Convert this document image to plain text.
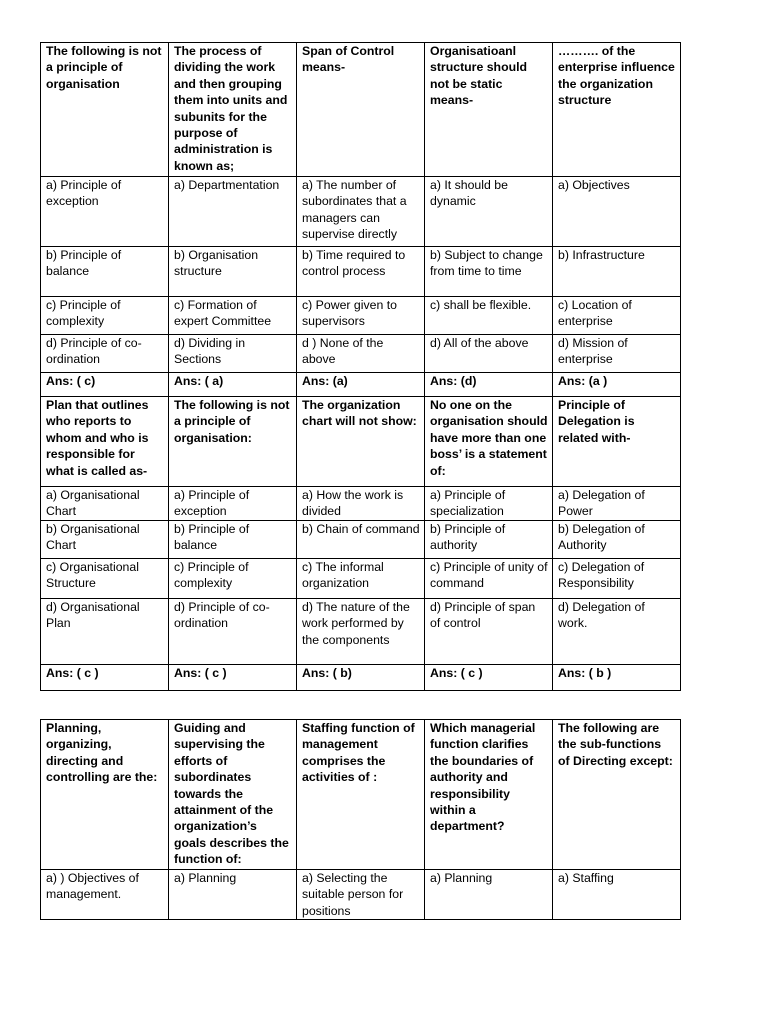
The following is not a principle of organisation	The process of dividing the work and then grouping them into units and subunits for the purpose of administration is known as;	Span of Control means-	Organisatioanl structure should not be static means-	………. of the enterprise influence the organization structure
a) Principle of exception	a) Departmentation	a) The number of subordinates that a managers can supervise directly	a) It should be dynamic	a) Objectives
b) Principle of balance	b) Organisation structure	b) Time required to control process	b) Subject to change from time to time	b) Infrastructure
c) Principle of complexity	c) Formation of expert Committee	c) Power given to supervisors	c) shall be flexible.	c) Location of enterprise
d) Principle of co-ordination	d) Dividing in Sections	d ) None of the above	d) All of the above	d) Mission of enterprise
Ans: ( c)	Ans: ( a)	Ans: (a)	Ans: (d)	Ans: (a )
Plan that outlines who reports to whom and who is responsible for what is called as-	The following is not a principle of organisation:	The organization chart will not show:	No one on the organisation should have more than one boss’ is a statement of:	Principle of Delegation is related with-
a) Organisational Chart	a) Principle of exception	a) How the work is divided	a) Principle of specialization	a) Delegation of Power
b) Organisational Chart	b) Principle of balance	b) Chain of command	b) Principle of authority	b) Delegation of Authority
c) Organisational Structure	c) Principle of complexity	c) The informal organization	c) Principle of unity of command	c) Delegation of Responsibility
d) Organisational Plan	d) Principle of co-ordination	d) The nature of the work performed by the components	d) Principle of span of control	d) Delegation of work.
Ans: ( c )	Ans: ( c )	Ans: ( b)	Ans: ( c )	Ans: ( b )
Planning, organizing, directing and controlling are the:	Guiding and supervising the efforts of subordinates towards the attainment of the organization’s goals describes the function of:	Staffing function of management comprises the activities of :	Which managerial function clarifies the boundaries of authority and responsibility within a department?	The following are the sub-functions of Directing except:
a) ) Objectives of management.	a) Planning	a) Selecting the suitable person for positions	a) Planning	a) Staffing
